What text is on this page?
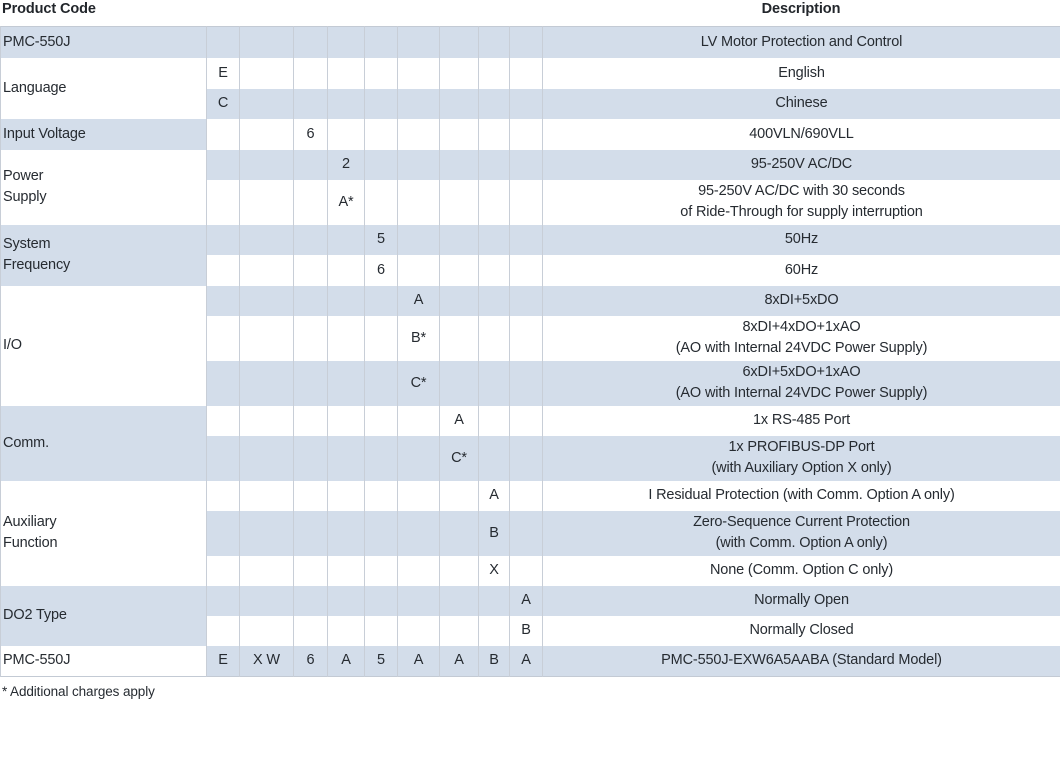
Product Code	Description
PMC-550J										LV Motor Protection and Control
Language	E									English
	C									Chinese
Input Voltage			6							400VLN/690VLL

Power
Supply				2						95-250V AC/DC
				A*						95-250V AC/DC with 30 seconds
of Ride-Through for supply interruption

System
Frequency					5					50Hz
					6					60Hz
I/O						A				8xDI+5xDO
						B*				8xDI+4xDO+1xAO
(AO with Internal 24VDC Power Supply)

						C*				6xDI+5xDO+1xAO
(AO with Internal 24VDC Power Supply)

Comm.							A			1x RS-485 Port
							C*			1x PROFIBUS-DP Port
(with Auxiliary Option X only)

Auxiliary
Function								A		I Residual Protection (with Comm. Option A only)
								B		Zero-Sequence Current Protection
(with Comm. Option A only)

								X		None (Comm. Option C only)
DO2 Type									A	Normally Open
									B	Normally Closed
PMC-550J	E	X W	6	A	5	A	A	B	A	PMC-550J-EXW6A5AABA (Standard Model)
* Additional charges apply
